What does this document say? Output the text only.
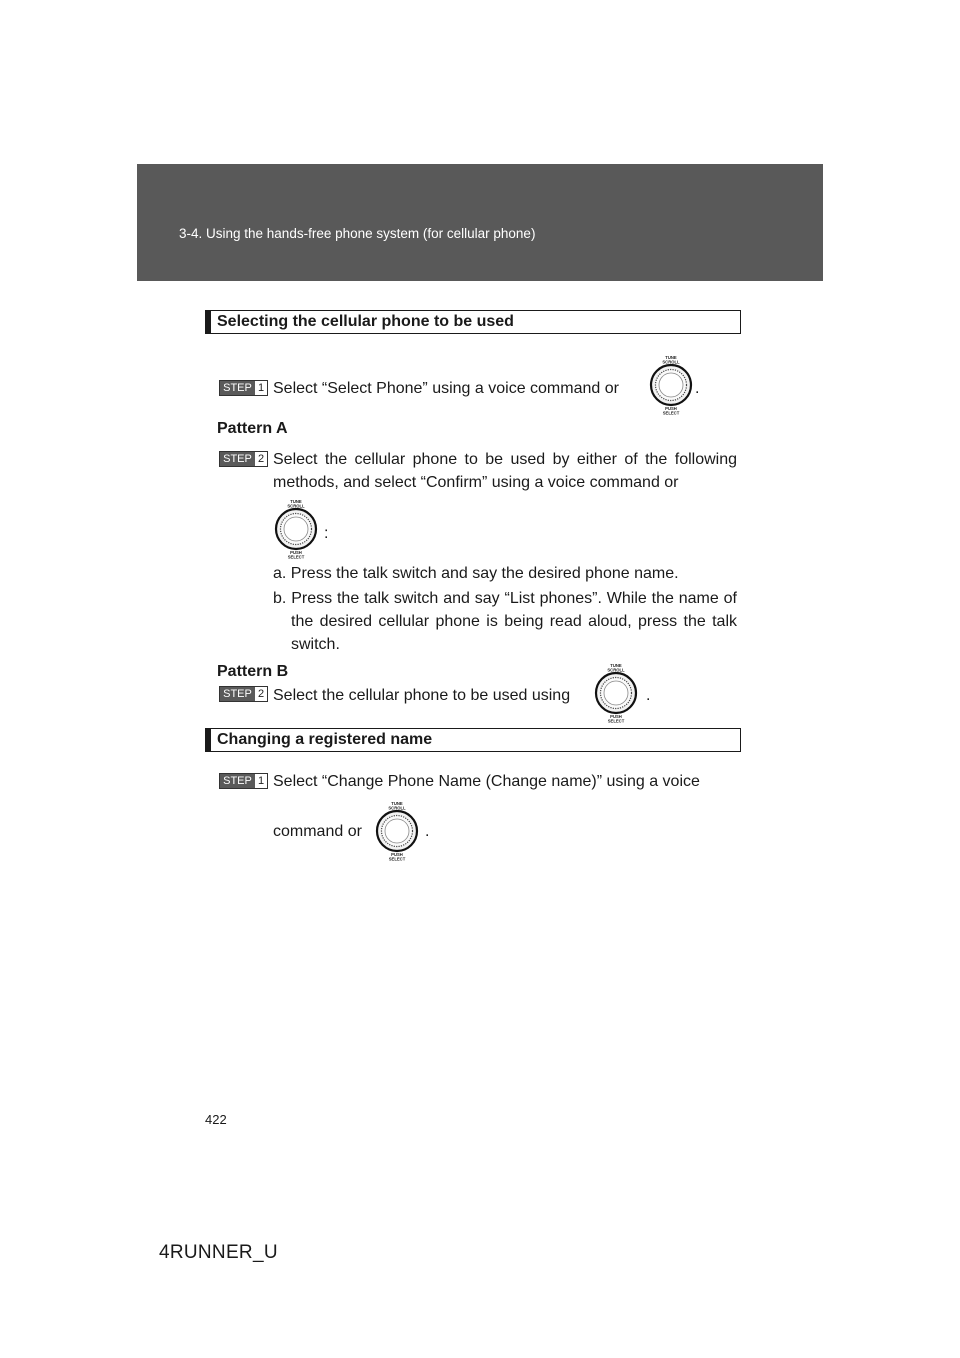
3-4. Using the hands-free phone system (for cellular phone)
Selecting the cellular phone to be used
STEP 1 Select “Select Phone” using a voice command or	.
Pattern A
STEP 2 Select the cellular phone to be used by either of the following methods, and select “Confirm” using a voice command or
:
a. Press the talk switch and say the desired phone name.
b. Press the talk switch and say “List phones”. While the name of the desired cellular phone is being read aloud, press the talk switch.
Pattern B
STEP 2 Select the cellular phone to be used using	.
Changing a registered name
STEP 1 Select “Change Phone Name (Change name)” using a voice
command or	.
TUNE
SCROLL
PUSH
SELECT
TUNE
SCROLL
PUSH
SELECT
TUNE
SCROLL
PUSH
SELECT
TUNE
SCROLL
PUSH
SELECT
422
4RUNNER_U
